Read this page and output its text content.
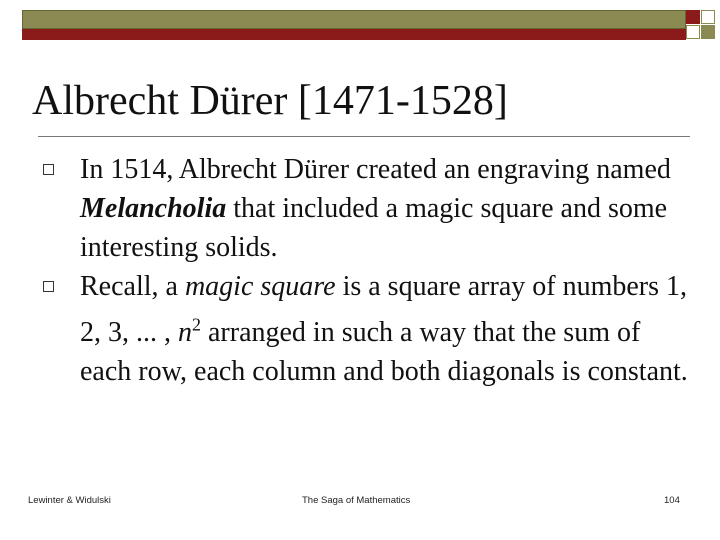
Albrecht Dürer [1471-1528]
In 1514, Albrecht Dürer created an engraving named Melancholia that included a magic square and some interesting solids.
Recall, a magic square is a square array of numbers 1, 2, 3, ... , $n^2$ arranged in such a way that the sum of each row, each column and both diagonals is constant.
Lewinter & Widulski	The Saga of Mathematics	104
